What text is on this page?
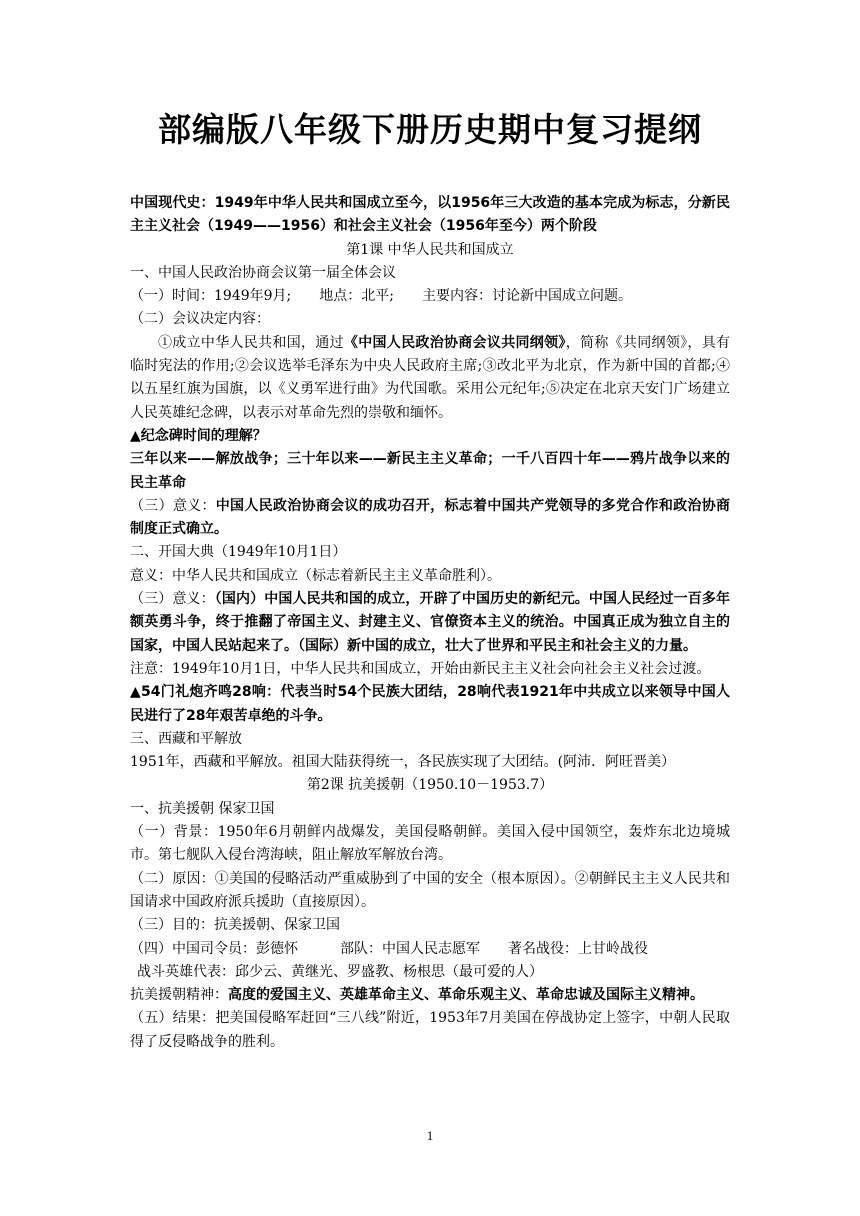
部编版八年级下册历史期中复习提纲

中国现代史：1949年中华人民共和国成立至今，以1956年三大改造的基本完成为标志，分新民主主义社会（1949——1956）和社会主义社会（1956年至今）两个阶段

第1课 中华人民共和国成立

一、中国人民政治协商会议第一届全体会议

（一）时间：1949年9月;　　地点：北平;　　主要内容：讨论新中国成立问题。

（二）会议决定内容：

①成立中华人民共和国，通过《中国人民政治协商会议共同纲领》，简称《共同纲领》，具有临时宪法的作用;②会议选举毛泽东为中央人民政府主席;③改北平为北京，作为新中国的首都;④以五星红旗为国旗，以《义勇军进行曲》为代国歌。采用公元纪年;⑤决定在北京天安门广场建立人民英雄纪念碑，以表示对革命先烈的崇敬和缅怀。

▲纪念碑时间的理解？

三年以来——解放战争；三十年以来——新民主主义革命；一千八百四十年——鸦片战争以来的民主革命

（三）意义：中国人民政治协商会议的成功召开，标志着中国共产党领导的多党合作和政治协商制度正式确立。

二、开国大典（1949年10月1日）

意义：中华人民共和国成立（标志着新民主主义革命胜利）。

（三）意义：（国内）中国人民共和国的成立，开辟了中国历史的新纪元。中国人民经过一百多年额英勇斗争，终于推翻了帝国主义、封建主义、官僚资本主义的统治。中国真正成为独立自主的国家，中国人民站起来了。（国际）新中国的成立，壮大了世界和平民主和社会主义的力量。

注意：1949年10月1日，中华人民共和国成立，开始由新民主主义社会向社会主义社会过渡。

▲54门礼炮齐鸣28响：代表当时54个民族大团结，28响代表1921年中共成立以来领导中国人民进行了28年艰苦卓绝的斗争。

三、西藏和平解放

1951年，西藏和平解放。祖国大陆获得统一，各民族实现了大团结。(阿沛．阿旺晋美）

第2课 抗美援朝（1950.10－1953.7）

一、抗美援朝 保家卫国

（一）背景：1950年6月朝鲜内战爆发，美国侵略朝鲜。美国入侵中国领空，轰炸东北边境城市。第七舰队入侵台湾海峡，阻止解放军解放台湾。

（二）原因：①美国的侵略活动严重威胁到了中国的安全（根本原因）。②朝鲜民主主义人民共和国请求中国政府派兵援助（直接原因）。

（三）目的：抗美援朝、保家卫国

（四）中国司令员：彭德怀　　　部队：中国人民志愿军　　著名战役：上甘岭战役

战斗英雄代表：邱少云、黄继光、罗盛教、杨根思（最可爱的人）

抗美援朝精神：高度的爱国主义、英雄革命主义、革命乐观主义、革命忠诚及国际主义精神。

（五）结果：把美国侵略军赶回“三八线”附近，1953年7月美国在停战协定上签字，中朝人民取得了反侵略战争的胜利。

1
